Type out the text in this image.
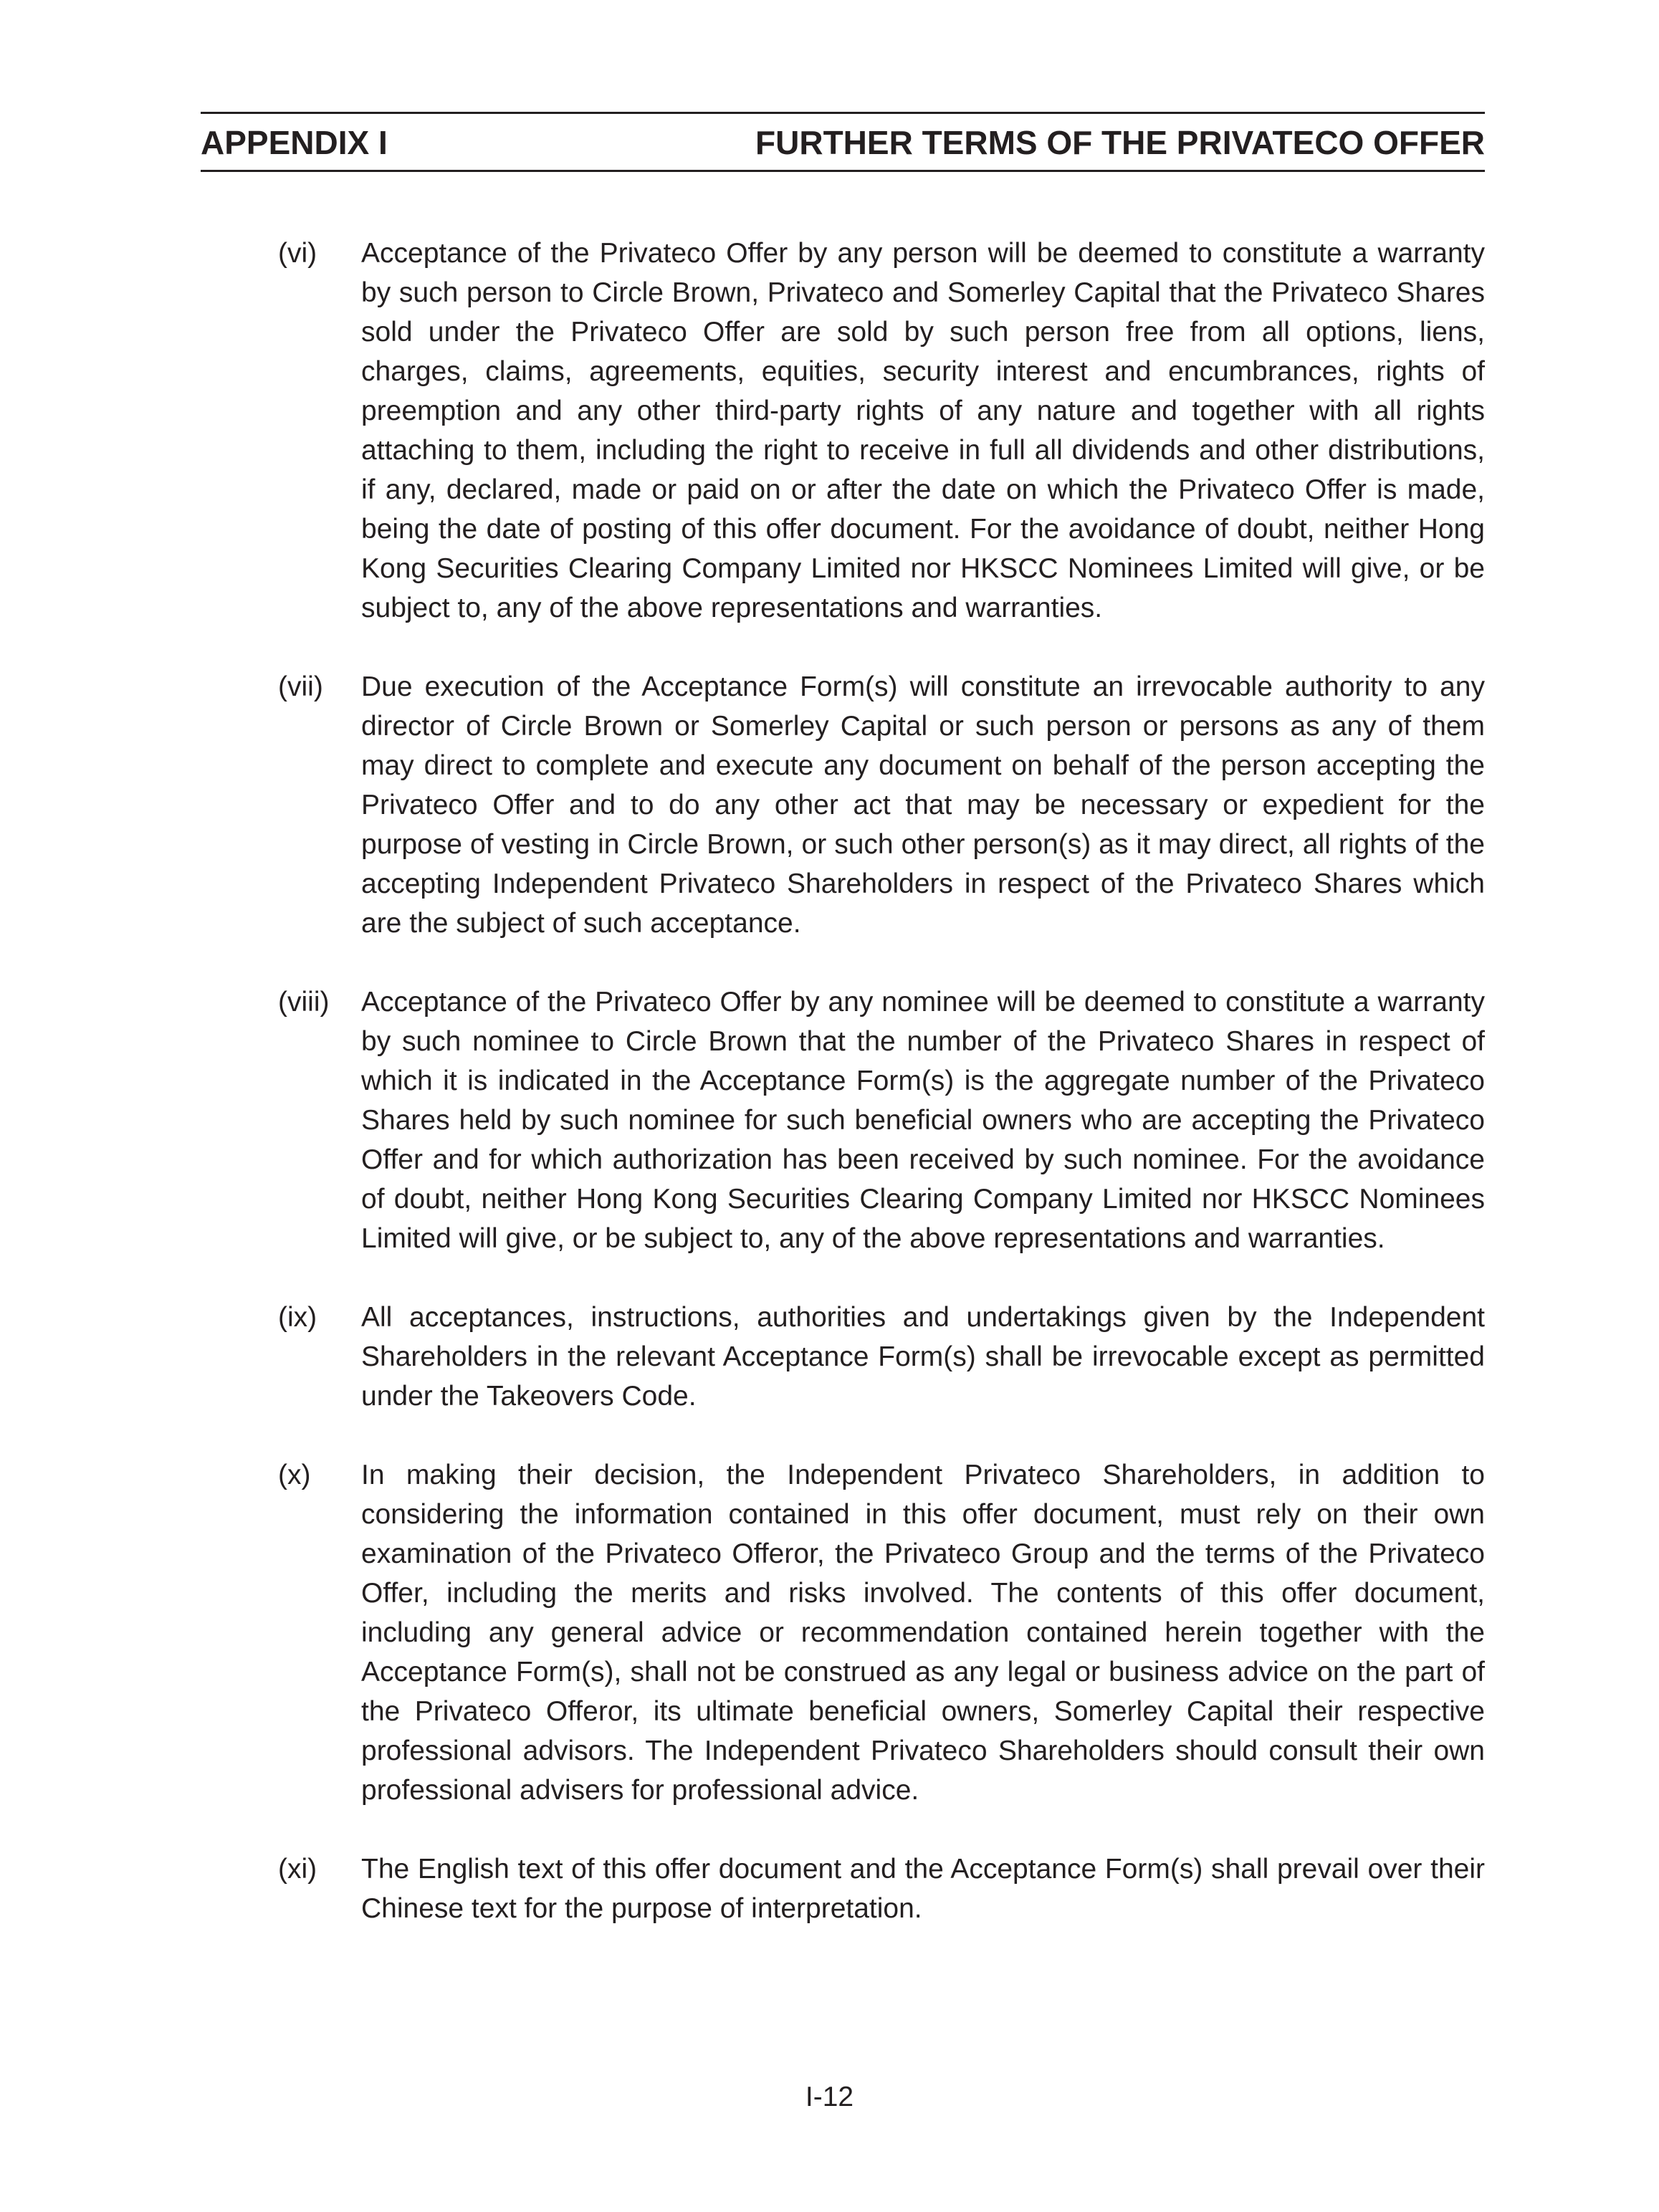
APPENDIX I	FURTHER TERMS OF THE PRIVATECO OFFER
(vi) Acceptance of the Privateco Offer by any person will be deemed to constitute a warranty by such person to Circle Brown, Privateco and Somerley Capital that the Privateco Shares sold under the Privateco Offer are sold by such person free from all options, liens, charges, claims, agreements, equities, security interest and encumbrances, rights of preemption and any other third-party rights of any nature and together with all rights attaching to them, including the right to receive in full all dividends and other distributions, if any, declared, made or paid on or after the date on which the Privateco Offer is made, being the date of posting of this offer document. For the avoidance of doubt, neither Hong Kong Securities Clearing Company Limited nor HKSCC Nominees Limited will give, or be subject to, any of the above representations and warranties.

(vii) Due execution of the Acceptance Form(s) will constitute an irrevocable authority to any director of Circle Brown or Somerley Capital or such person or persons as any of them may direct to complete and execute any document on behalf of the person accepting the Privateco Offer and to do any other act that may be necessary or expedient for the purpose of vesting in Circle Brown, or such other person(s) as it may direct, all rights of the accepting Independent Privateco Shareholders in respect of the Privateco Shares which are the subject of such acceptance.

(viii) Acceptance of the Privateco Offer by any nominee will be deemed to constitute a warranty by such nominee to Circle Brown that the number of the Privateco Shares in respect of which it is indicated in the Acceptance Form(s) is the aggregate number of the Privateco Shares held by such nominee for such beneficial owners who are accepting the Privateco Offer and for which authorization has been received by such nominee. For the avoidance of doubt, neither Hong Kong Securities Clearing Company Limited nor HKSCC Nominees Limited will give, or be subject to, any of the above representations and warranties.

(ix) All acceptances, instructions, authorities and undertakings given by the Independent Shareholders in the relevant Acceptance Form(s) shall be irrevocable except as permitted under the Takeovers Code.

(x) In making their decision, the Independent Privateco Shareholders, in addition to considering the information contained in this offer document, must rely on their own examination of the Privateco Offeror, the Privateco Group and the terms of the Privateco Offer, including the merits and risks involved. The contents of this offer document, including any general advice or recommendation contained herein together with the Acceptance Form(s), shall not be construed as any legal or business advice on the part of the Privateco Offeror, its ultimate beneficial owners, Somerley Capital their respective professional advisors. The Independent Privateco Shareholders should consult their own professional advisers for professional advice.

(xi) The English text of this offer document and the Acceptance Form(s) shall prevail over their Chinese text for the purpose of interpretation.

I-12
